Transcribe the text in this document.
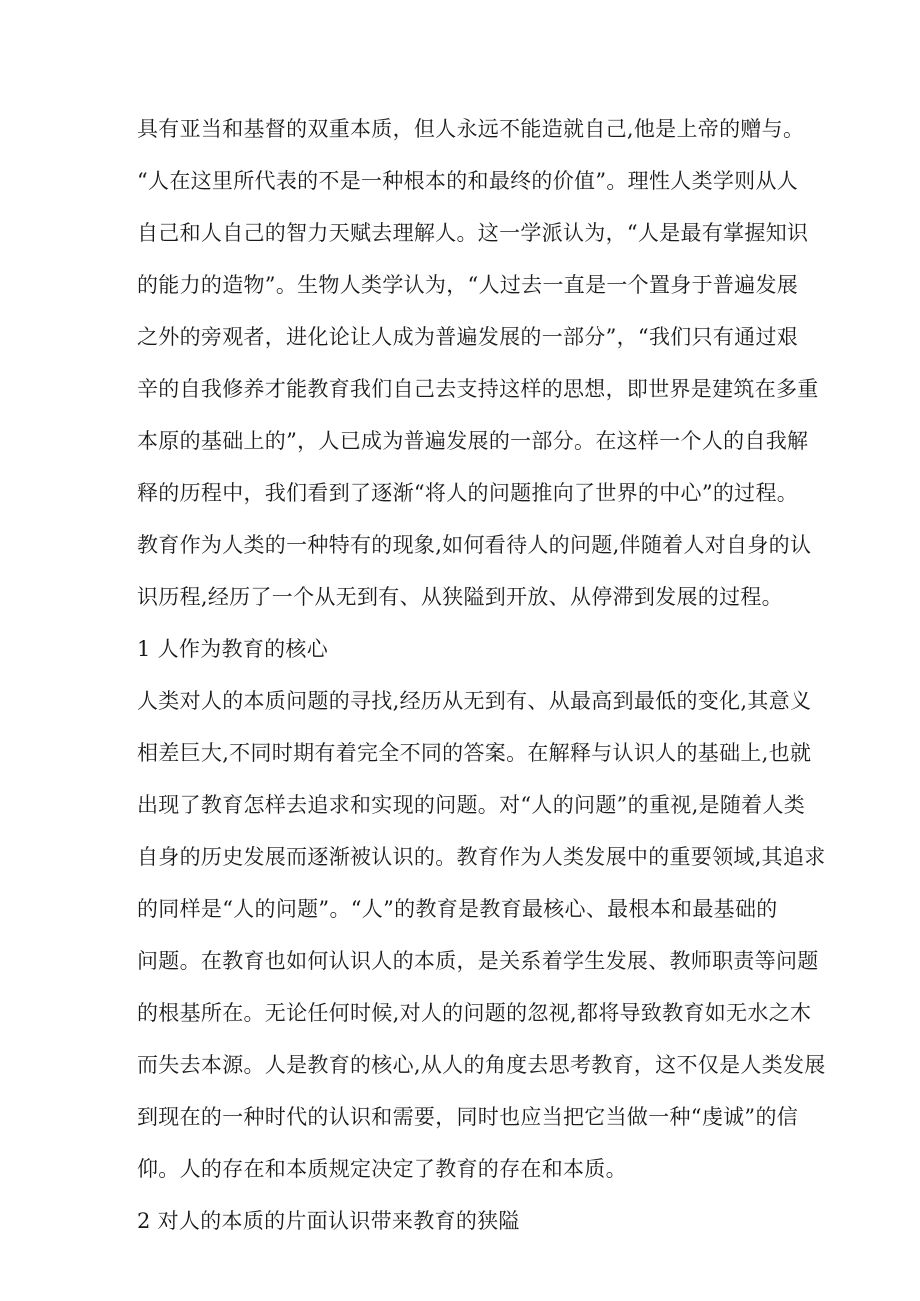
具有亚当和基督的双重本质，但人永远不能造就自己,他是上帝的赠与。
“人在这里所代表的不是一种根本的和最终的价值”。理性人类学则从人
自己和人自己的智力天赋去理解人。这一学派认为，“人是最有掌握知识
的能力的造物”。生物人类学认为，“人过去一直是一个置身于普遍发展
之外的旁观者，进化论让人成为普遍发展的一部分”，“我们只有通过艰
辛的自我修养才能教育我们自己去支持这样的思想，即世界是建筑在多重
本原的基础上的”，人已成为普遍发展的一部分。在这样一个人的自我解
释的历程中，我们看到了逐渐“将人的问题推向了世界的中心”的过程。
教育作为人类的一种特有的现象,如何看待人的问题,伴随着人对自身的认
识历程,经历了一个从无到有、从狭隘到开放、从停滞到发展的过程。
1 人作为教育的核心
人类对人的本质问题的寻找,经历从无到有、从最高到最低的变化,其意义
相差巨大,不同时期有着完全不同的答案。在解释与认识人的基础上,也就
出现了教育怎样去追求和实现的问题。对“人的问题”的重视,是随着人类
自身的历史发展而逐渐被认识的。教育作为人类发展中的重要领域,其追求
的同样是“人的问题”。“人”的教育是教育最核心、最根本和最基础的
问题。在教育也如何认识人的本质，是关系着学生发展、教师职责等问题
的根基所在。无论任何时候,对人的问题的忽视,都将导致教育如无水之木
而失去本源。人是教育的核心,从人的角度去思考教育，这不仅是人类发展
到现在的一种时代的认识和需要，同时也应当把它当做一种“虔诚”的信
仰。人的存在和本质规定决定了教育的存在和本质。
2 对人的本质的片面认识带来教育的狭隘
